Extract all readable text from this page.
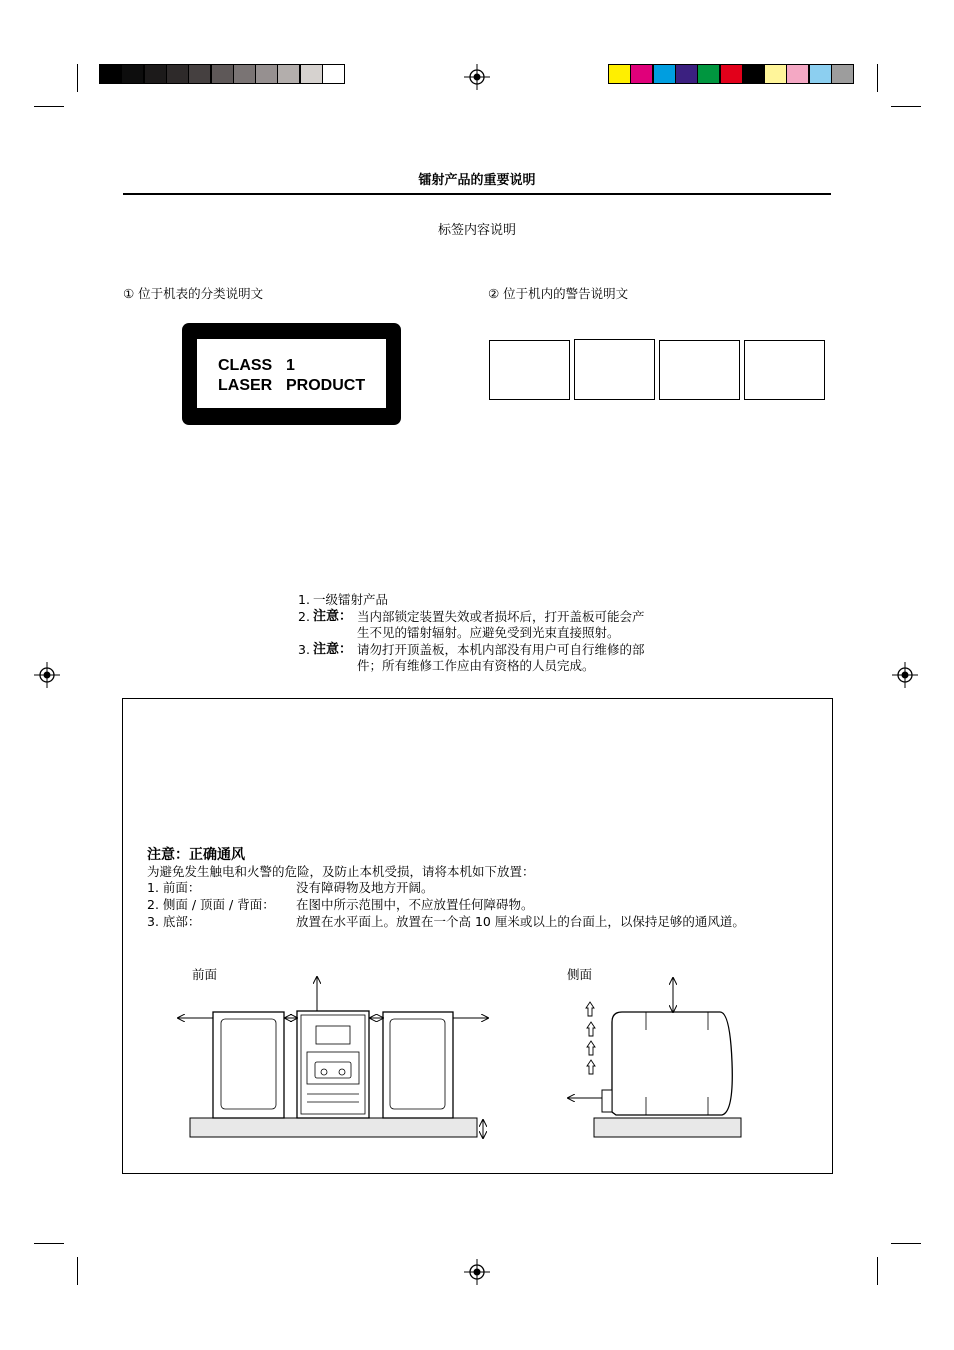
镭射产品的重要说明
标签内容说明
① 位于机表的分类说明文	② 位于机内的警告说明文
CLASS 1
LASER PRODUCT
1. 一级镭射产品
2. 注意： 当内部锁定装置失效或者损坏后，打开盖板可能会产
生不见的镭射辐射。应避免受到光束直接照射。
3. 注意： 请勿打开顶盖板，本机内部没有用户可自行维修的部
件；所有维修工作应由有资格的人员完成。
注意：正确通风
为避免发生触电和火警的危险，及防止本机受损，请将本机如下放置：
1. 前面：	没有障碍物及地方开阔。
2. 侧面 / 顶面 / 背面： 在图中所示范围中，不应放置任何障碍物。
3. 底部：	放置在水平面上。放置在一个高 10 厘米或以上的台面上，以保持足够的通风道。
前面	侧面
